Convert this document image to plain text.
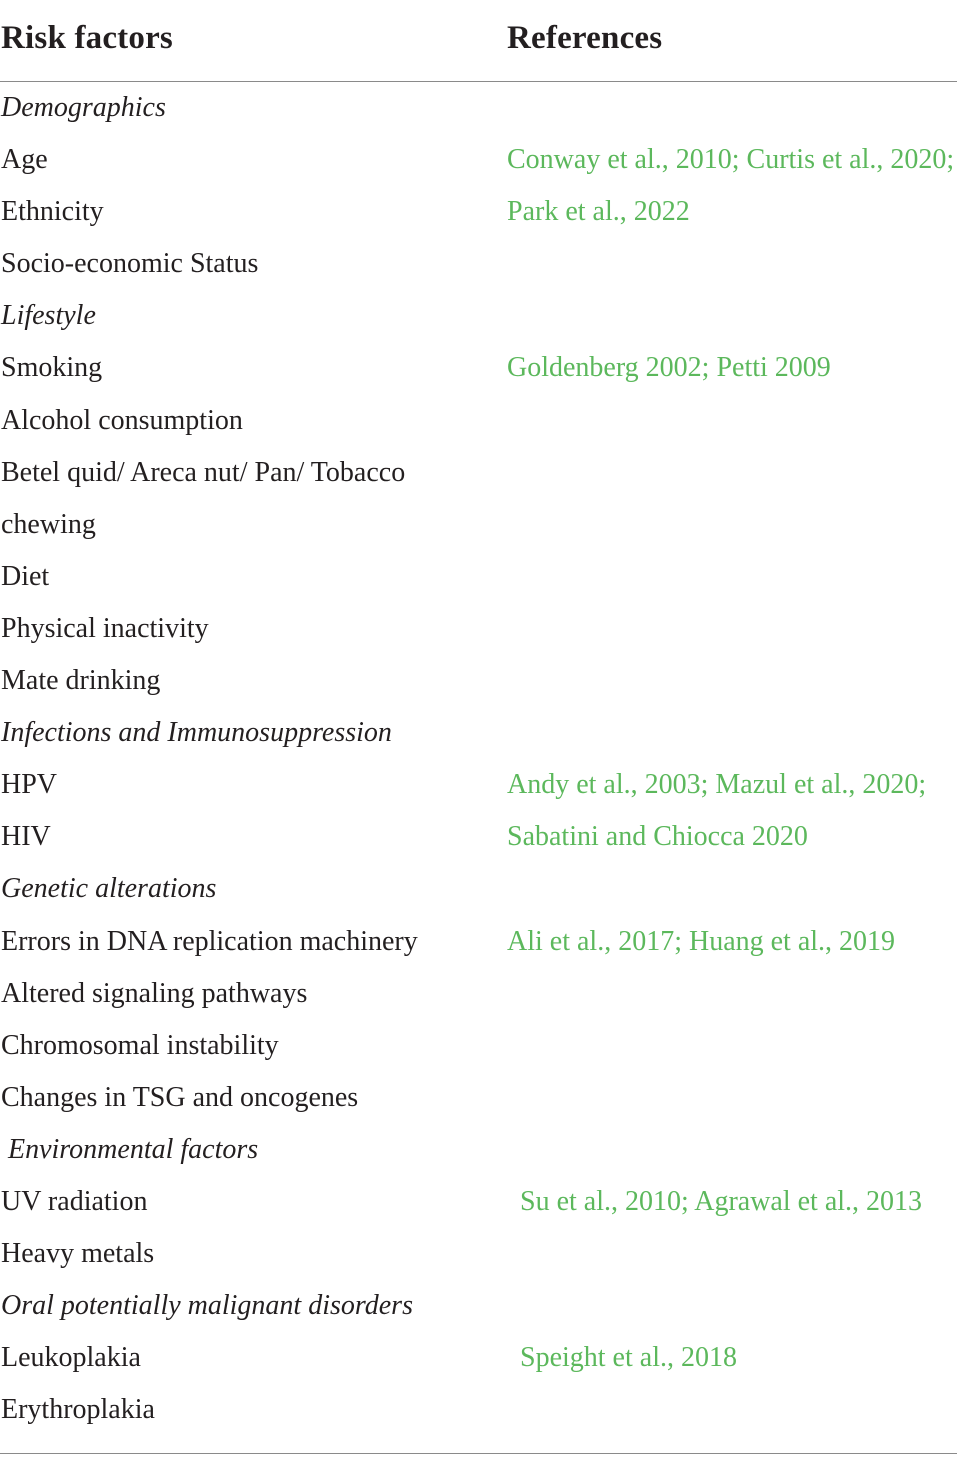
Risk factors	References
Demographics
Age	Conway et al., 2010; Curtis et al., 2020;
Ethnicity	Park et al., 2022
Socio-economic Status
Lifestyle
Smoking	Goldenberg 2002; Petti 2009
Alcohol consumption
Betel quid/ Areca nut/ Pan/ Tobacco
chewing
Diet
Physical inactivity
Mate drinking
Infections and Immunosuppression
HPV	Andy et al., 2003; Mazul et al., 2020;
HIV	Sabatini and Chiocca 2020
Genetic alterations
Errors in DNA replication machinery	Ali et al., 2017; Huang et al., 2019
Altered signaling pathways
Chromosomal instability
Changes in TSG and oncogenes
Environmental factors
UV radiation	Su et al., 2010; Agrawal et al., 2013
Heavy metals
Oral potentially malignant disorders
Leukoplakia	Speight et al., 2018
Erythroplakia
